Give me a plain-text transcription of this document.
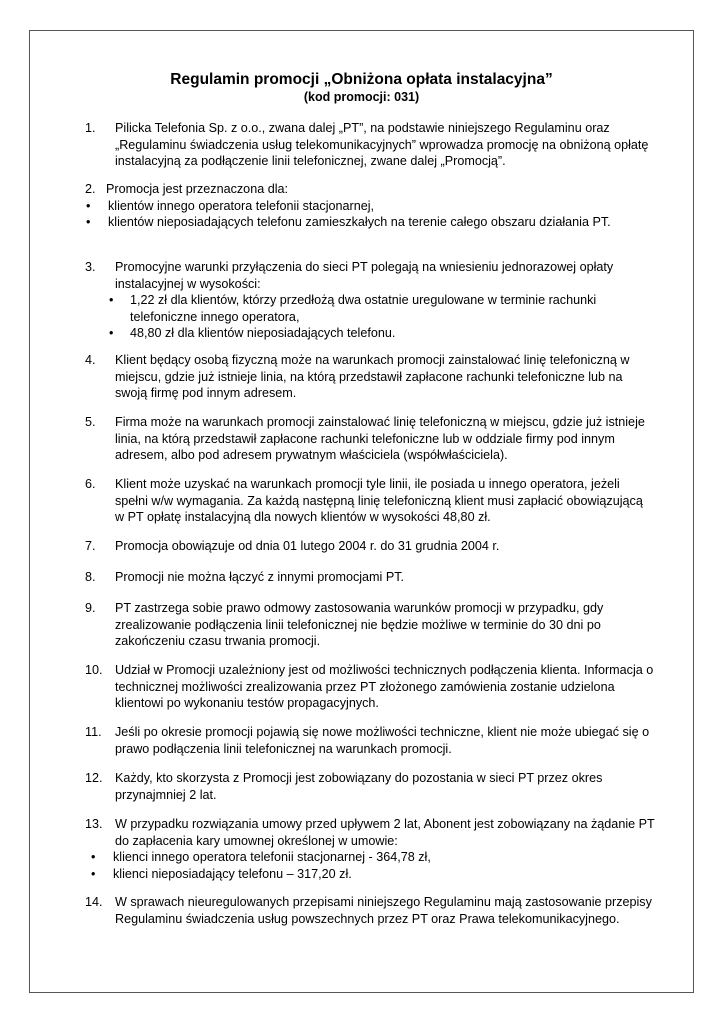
Regulamin promocji „Obniżona opłata instalacyjna”
(kod promocji: 031)
1. Pilicka Telefonia Sp. z o.o., zwana dalej „PT”, na podstawie niniejszego Regulaminu oraz „Regulaminu świadczenia usług telekomunikacyjnych” wprowadza promocję na obniżoną opłatę instalacyjną za podłączenie linii telefonicznej, zwane dalej „Promocją”.
2. Promocja jest przeznaczona dla:
• klientów innego operatora telefonii stacjonarnej,
• klientów nieposiadających telefonu zamieszkałych na terenie całego obszaru działania PT.
3. Promocyjne warunki przyłączenia do sieci PT polegają na wniesieniu jednorazowej opłaty instalacyjnej w wysokości:
• 1,22 zł dla klientów, którzy przedłożą dwa ostatnie uregulowane w terminie rachunki telefoniczne innego operatora,
• 48,80 zł dla klientów nieposiadających telefonu.
4. Klient będący osobą fizyczną może na warunkach promocji zainstalować linię telefoniczną w miejscu, gdzie już istnieje linia, na którą przedstawił zapłacone rachunki telefoniczne lub na swoją firmę pod innym adresem.
5. Firma może na warunkach promocji zainstalować linię telefoniczną w miejscu, gdzie już istnieje linia, na którą przedstawił zapłacone rachunki telefoniczne lub w oddziale firmy pod innym adresem, albo pod adresem prywatnym właściciela (współwłaściciela).
6. Klient może uzyskać na warunkach promocji tyle linii, ile posiada u innego operatora, jeżeli spełni w/w wymagania. Za każdą następną linię telefoniczną klient musi zapłacić obowiązującą w PT opłatę instalacyjną dla nowych klientów w wysokości 48,80 zł.
7. Promocja obowiązuje od dnia 01 lutego 2004 r. do 31 grudnia 2004 r.
8. Promocji nie można łączyć z innymi promocjami PT.
9. PT zastrzega sobie prawo odmowy zastosowania warunków promocji w przypadku, gdy zrealizowanie podłączenia linii telefonicznej nie będzie możliwe w terminie do 30 dni po zakończeniu czasu trwania promocji.
10. Udział w Promocji uzależniony jest od możliwości technicznych podłączenia klienta. Informacja o technicznej możliwości zrealizowania przez PT złożonego zamówienia zostanie udzielona klientowi po wykonaniu testów propagacyjnych.
11. Jeśli po okresie promocji pojawią się nowe możliwości techniczne, klient nie może ubiegać się o prawo podłączenia linii telefonicznej na warunkach promocji.
12. Każdy, kto skorzysta z Promocji jest zobowiązany do pozostania w sieci PT przez okres przynajmniej 2 lat.
13. W przypadku rozwiązania umowy przed upływem 2 lat, Abonent jest zobowiązany na żądanie PT do zapłacenia kary umownej określonej w umowie:
• klienci innego operatora telefonii stacjonarnej - 364,78 zł,
• klienci nieposiadający telefonu – 317,20 zł.
14. W sprawach nieuregulowanych przepisami niniejszego Regulaminu mają zastosowanie przepisy Regulaminu świadczenia usług powszechnych przez PT oraz Prawa telekomunikacyjnego.
